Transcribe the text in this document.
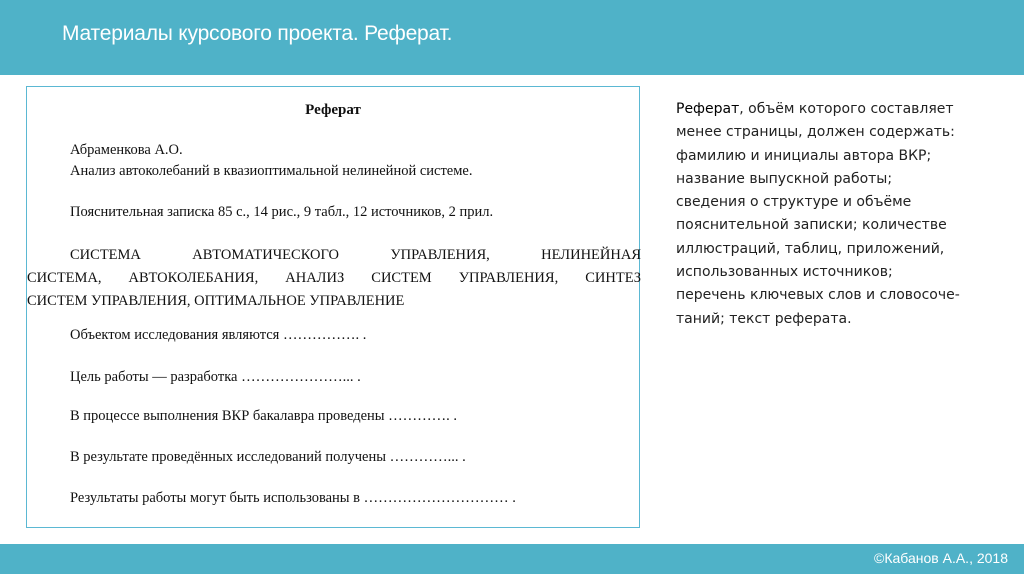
Материалы курсового проекта. Реферат.
Реферат
Абраменкова А.О.
Анализ автоколебаний в квазиоптимальной нелинейной системе.
Пояснительная записка 85 с., 14 рис., 9 табл., 12 источников, 2 прил.
СИСТЕМА АВТОМАТИЧЕСКОГО УПРАВЛЕНИЯ, НЕЛИНЕЙНАЯ
СИСТЕМА, АВТОКОЛЕБАНИЯ, АНАЛИЗ СИСТЕМ УПРАВЛЕНИЯ, СИНТЕЗ
СИСТЕМ УПРАВЛЕНИЯ, ОПТИМАЛЬНОЕ УПРАВЛЕНИЕ
Объектом исследования являются ……………. .
Цель работы — разработка …………………... .
В процессе выполнения ВКР бакалавра проведены …………. .
В результате проведённых исследований получены …………... .
Результаты работы могут быть использованы в ………………………… .
Реферат, объём которого составляет
менее страницы, должен содержать:
фамилию и инициалы автора ВКР;
название выпускной работы;
сведения о структуре и объёме
пояснительной записки; количестве
иллюстраций, таблиц, приложений,
использованных источников;
перечень ключевых слов и словосоче-
таний; текст реферата.
©Кабанов А.А., 2018
